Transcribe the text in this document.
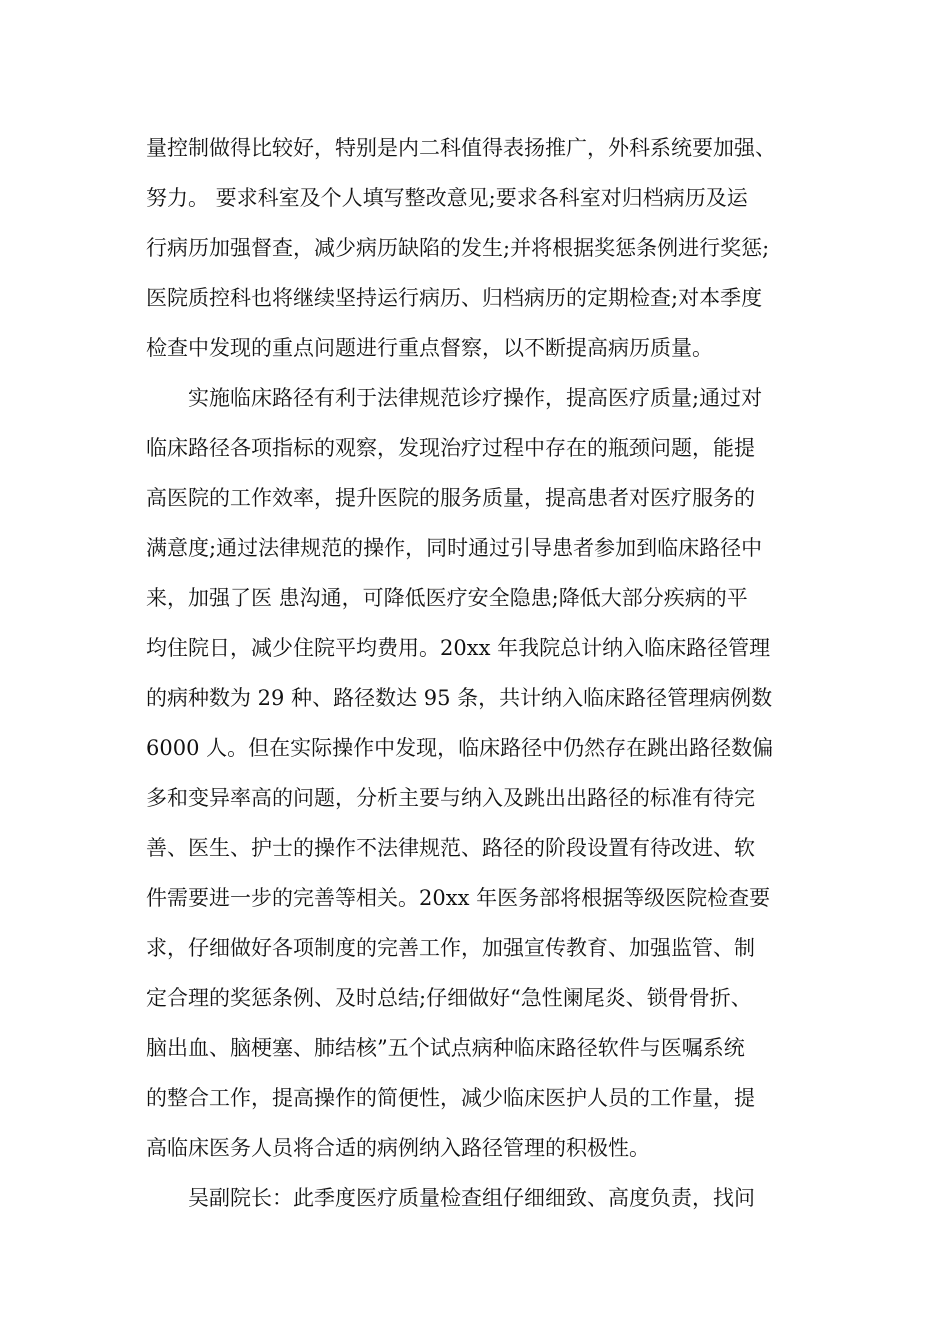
量控制做得比较好，特别是内二科值得表扬推广，外科系统要加强、
努力。 要求科室及个人填写整改意见;要求各科室对归档病历及运
行病历加强督查，减少病历缺陷的发生;并将根据奖惩条例进行奖惩;
医院质控科也将继续坚持运行病历、归档病历的定期检查;对本季度
检查中发现的重点问题进行重点督察，以不断提高病历质量。
实施临床路径有利于法律规范诊疗操作，提高医疗质量;通过对
临床路径各项指标的观察，发现治疗过程中存在的瓶颈问题，能提
高医院的工作效率，提升医院的服务质量，提高患者对医疗服务的
满意度;通过法律规范的操作，同时通过引导患者参加到临床路径中
来，加强了医 患沟通，可降低医疗安全隐患;降低大部分疾病的平
均住院日，减少住院平均费用。20xx 年我院总计纳入临床路径管理
的病种数为 29 种、路径数达 95 条，共计纳入临床路径管理病例数
6000 人。但在实际操作中发现，临床路径中仍然存在跳出路径数偏
多和变异率高的问题，分析主要与纳入及跳出出路径的标准有待完
善、医生、护士的操作不法律规范、路径的阶段设置有待改进、软
件需要进一步的完善等相关。20xx 年医务部将根据等级医院检查要
求，仔细做好各项制度的完善工作，加强宣传教育、加强监管、制
定合理的奖惩条例、及时总结;仔细做好“急性阑尾炎、锁骨骨折、
脑出血、脑梗塞、肺结核”五个试点病种临床路径软件与医嘱系统
的整合工作，提高操作的简便性，减少临床医护人员的工作量，提
高临床医务人员将合适的病例纳入路径管理的积极性。
吴副院长：此季度医疗质量检查组仔细细致、高度负责，找问
